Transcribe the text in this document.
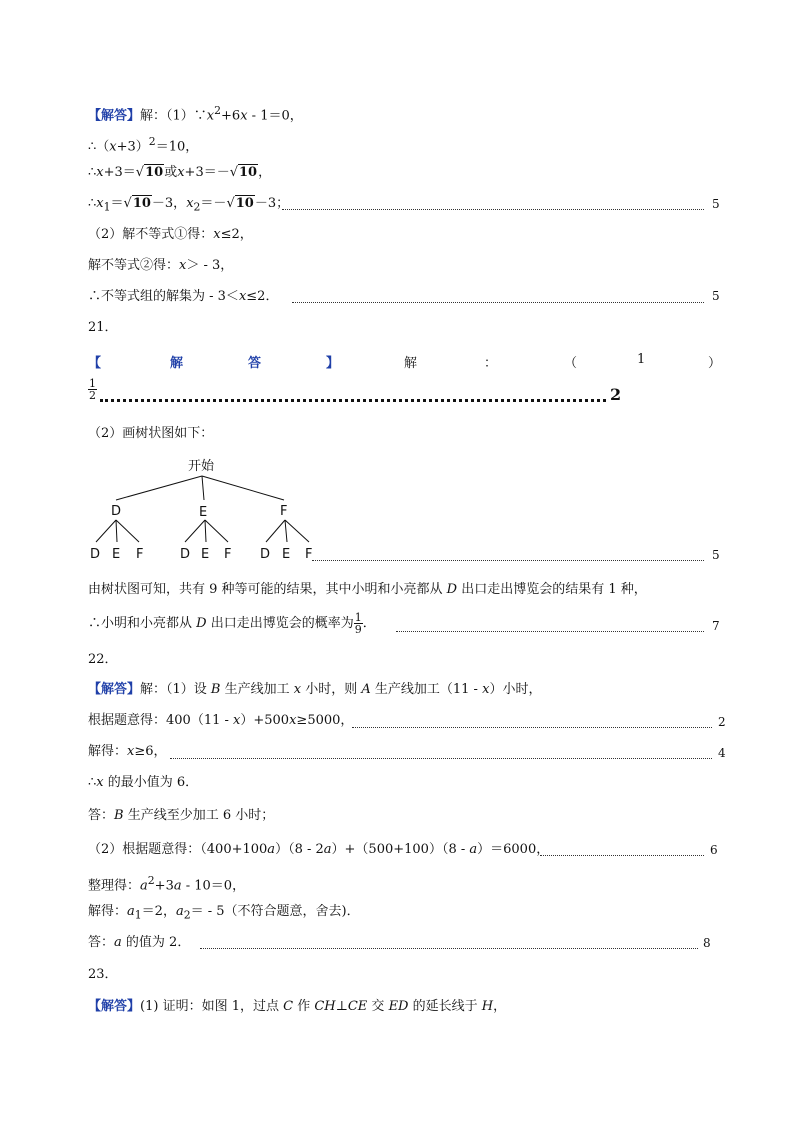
【解答】解：$(1)\because x^2+6x - 1=0$，
$\therefore(x+3)^2=10$，
∴x+3＝√10或x+3＝－√10，
$\therefore x_1=√10-3$，$x_2=-√10-3$；	5
（2）解不等式①得：x≤2，
解不等式②得：x＞ - 3，
∴不等式组的解集为 - 3＜x≤2．	5
21．
【	解	答	】	解	：	（	1	）
$\frac{1}{2}$	2
（2）画树状图如下：
开始
D	E	F
D E F	D E F D E F	5
由树状图可知，共有 9 种等可能的结果，其中小明和小亮都从 D 出口走出博览会的结果有 1 种，
∴小明和小亮都从 D 出口走出博览会的概率为 $\frac{1}{9}$ ．	7
22．
【解答】解：（1）设 B 生产线加工 x 小时，则 A 生产线加工（11 - x）小时，
根据题意得：400（11 - x）+500x≥5000，	2
解得：x≥6，	4
∴x 的最小值为 6．
答：B 生产线至少加工 6 小时；
（2）根据题意得：（400+100a）（8 - 2a）+（500+100）（8 - a）＝6000，	6
整理得：$a^2+3a - 10=0$，
解得：$a_1=2$，$a_2= - 5$（不符合题意，舍去)．
答：a 的值为 2．	8
23．
【解答】(1) 证明：如图 1，过点 C 作 CH⊥CE 交 ED 的延长线于 H，
